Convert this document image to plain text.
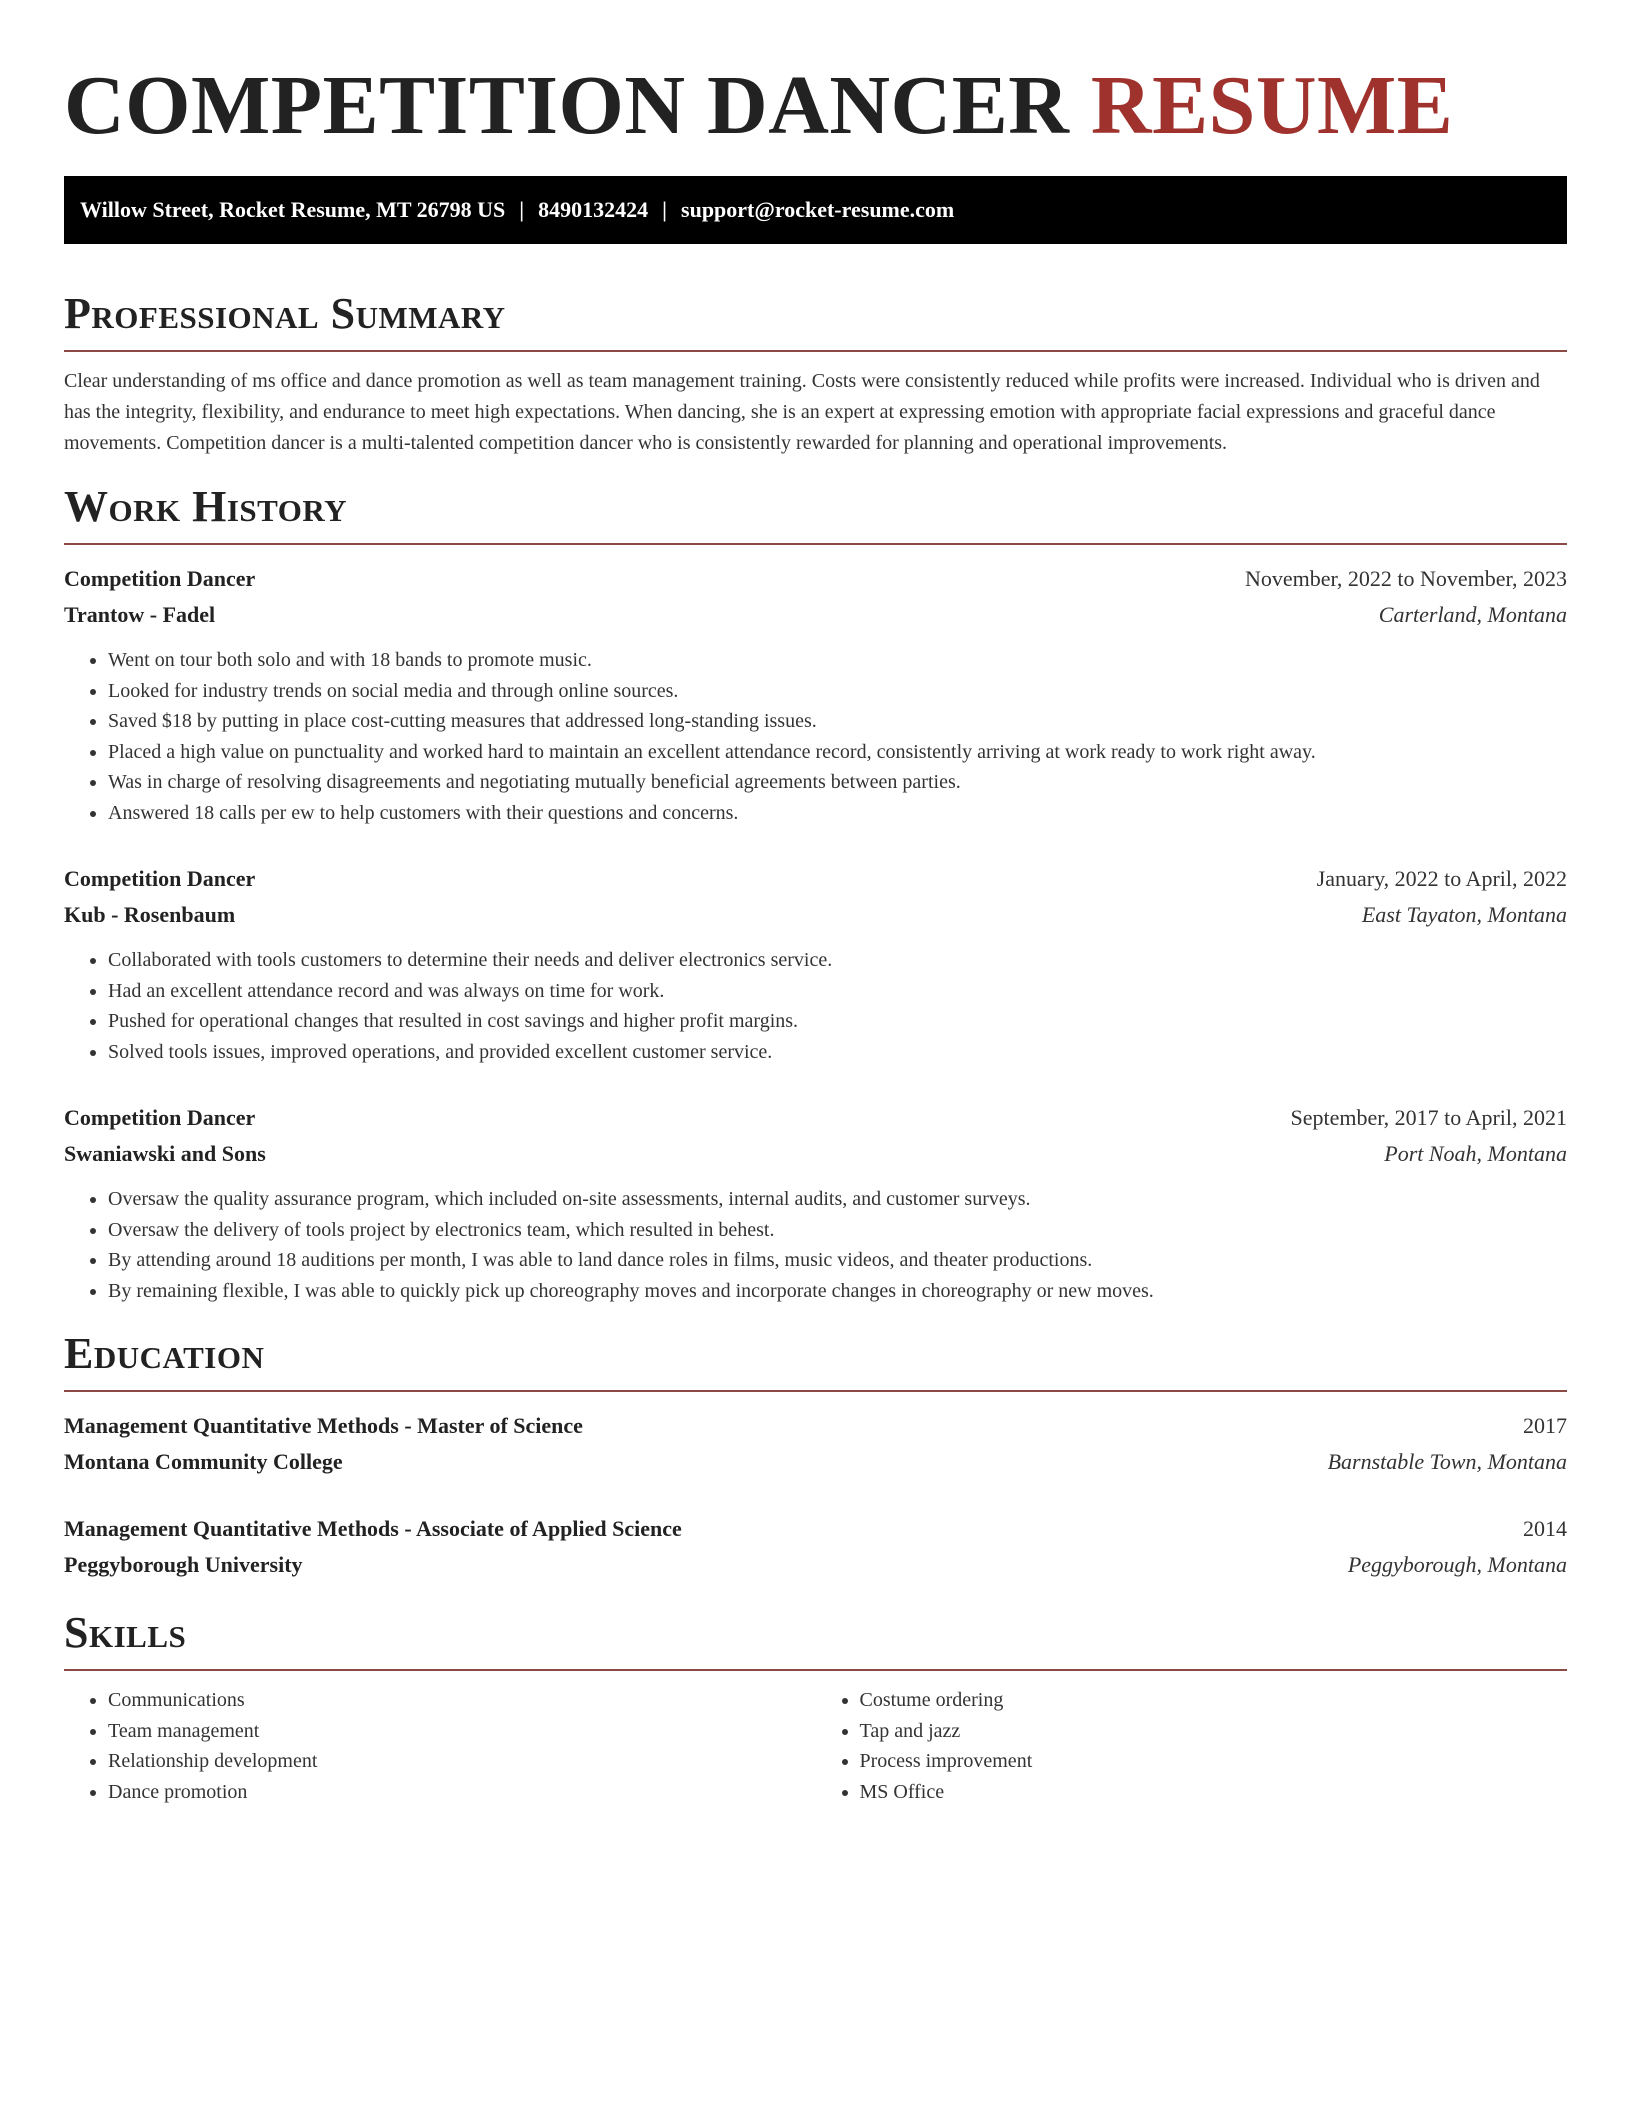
COMPETITION DANCER RESUME
Willow Street, Rocket Resume, MT 26798 US | 8490132424 | support@rocket-resume.com
Professional Summary

Clear understanding of ms office and dance promotion as well as team management training. Costs were consistently reduced while profits were increased. Individual who is driven and has the integrity, flexibility, and endurance to meet high expectations. When dancing, she is an expert at expressing emotion with appropriate facial expressions and graceful dance movements. Competition dancer is a multi-talented competition dancer who is consistently rewarded for planning and operational improvements.

Work History
Competition Dancer	November, 2022 to November, 2023
Trantow - Fadel	Carterland, Montana
• Went on tour both solo and with 18 bands to promote music.
• Looked for industry trends on social media and through online sources.
• Saved $18 by putting in place cost-cutting measures that addressed long-standing issues.
• Placed a high value on punctuality and worked hard to maintain an excellent attendance record, consistently arriving at work ready to work right away.
• Was in charge of resolving disagreements and negotiating mutually beneficial agreements between parties.
• Answered 18 calls per ew to help customers with their questions and concerns.
Competition Dancer	January, 2022 to April, 2022
Kub - Rosenbaum	East Tayaton, Montana
• Collaborated with tools customers to determine their needs and deliver electronics service.
• Had an excellent attendance record and was always on time for work.
• Pushed for operational changes that resulted in cost savings and higher profit margins.
• Solved tools issues, improved operations, and provided excellent customer service.
Competition Dancer	September, 2017 to April, 2021
Swaniawski and Sons	Port Noah, Montana
• Oversaw the quality assurance program, which included on-site assessments, internal audits, and customer surveys.
• Oversaw the delivery of tools project by electronics team, which resulted in behest.
• By attending around 18 auditions per month, I was able to land dance roles in films, music videos, and theater productions.
• By remaining flexible, I was able to quickly pick up choreography moves and incorporate changes in choreography or new moves.
Education
Management Quantitative Methods - Master of Science	2017
Montana Community College	Barnstable Town, Montana
Management Quantitative Methods - Associate of Applied Science	2014
Peggyborough University	Peggyborough, Montana
Skills
• Communications
• Team management
• Relationship development
• Dance promotion
• Costume ordering
• Tap and jazz
• Process improvement
• MS Office
